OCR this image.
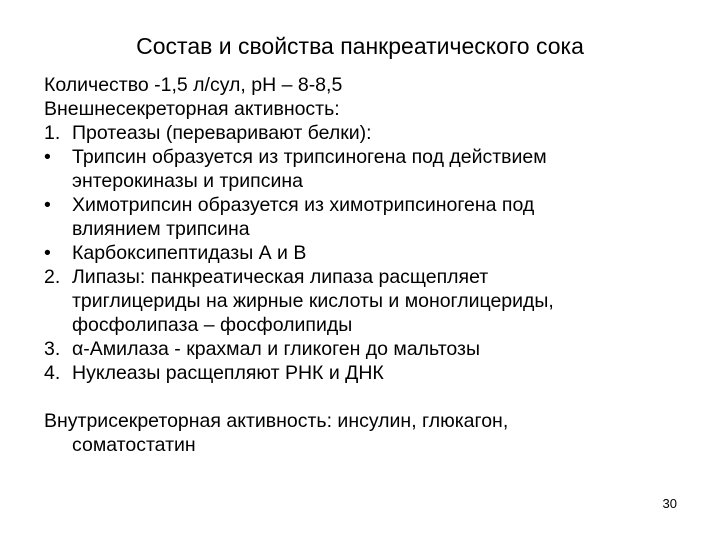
Состав и свойства панкреатического сока
Количество -1,5 л/сул, рН – 8-8,5
Внешнесекреторная активность:
1. Протеазы (переваривают белки):
• Трипсин образуется из трипсиногена под действием
энтерокиназы и трипсина
• Химотрипсин образуется из химотрипсиногена под
влиянием трипсина
• Карбоксипептидазы А и В
2. Липазы: панкреатическая липаза расщепляет
триглицериды на жирные кислоты и моноглицериды,
фосфолипаза – фосфолипиды
3. α-Амилаза - крахмал и гликоген до мальтозы
4. Нуклеазы расщепляют РНК и ДНК
Внутрисекреторная активность: инсулин, глюкагон,
соматостатин
30
